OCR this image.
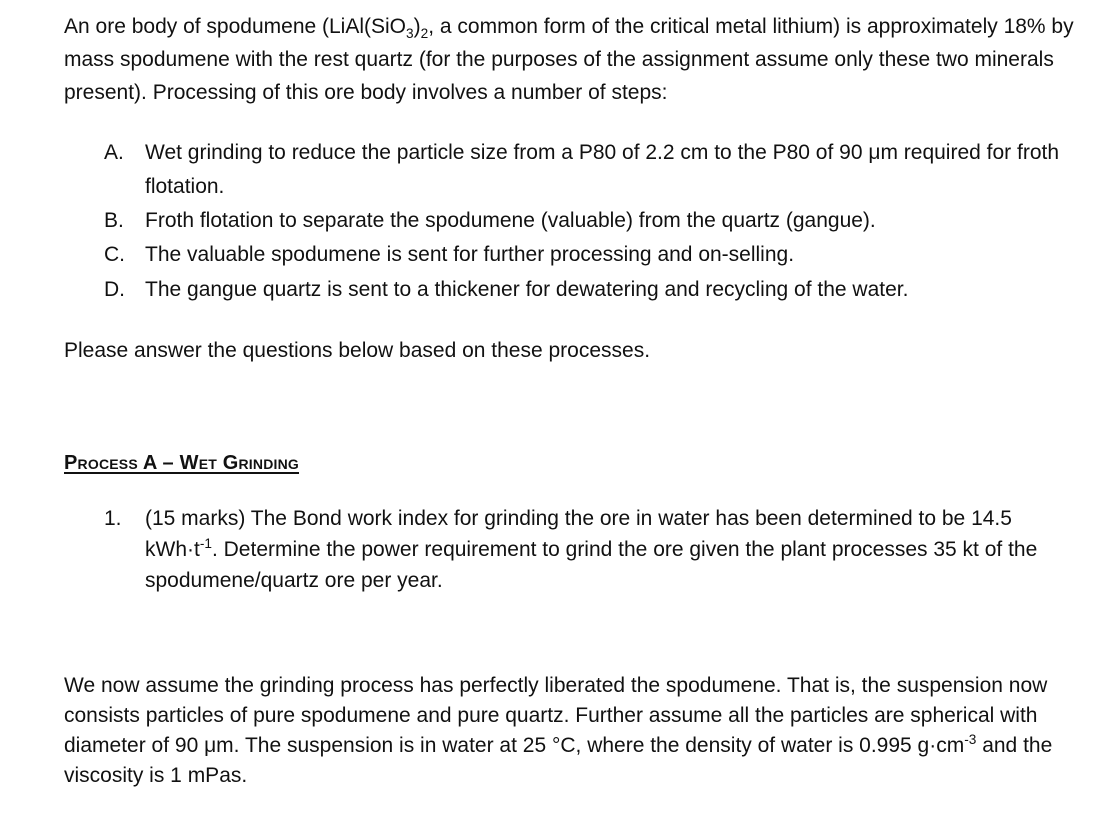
An ore body of spodumene ($LiAl(SiO_3)_2$, a common form of the critical metal lithium) is approximately 18% by mass spodumene with the rest quartz (for the purposes of the assignment assume only these two minerals present). Processing of this ore body involves a number of steps:

A.	Wet grinding to reduce the particle size from a P80 of 2.2 cm to the P80 of 90 μm required for froth flotation.
B.	Froth flotation to separate the spodumene (valuable) from the quartz (gangue).
C. The valuable spodumene is sent for further processing and on-selling.
D. The gangue quartz is sent to a thickener for dewatering and recycling of the water.

Please answer the questions below based on these processes.

Process A – Wet Grinding
1.	(15 marks) The Bond work index for grinding the ore in water has been determined to be 14.5 $kWh\cdot t^{-1}$. Determine the power requirement to grind the ore given the plant processes 35 kt of the spodumene/quartz ore per year.

We now assume the grinding process has perfectly liberated the spodumene. That is, the suspension now consists particles of pure spodumene and pure quartz. Further assume all the particles are spherical with diameter of 90 μm. The suspension is in water at 25 °C, where the density of water is 0.995 $g\cdot cm^{-3}$ and the viscosity is 1 mPas.
